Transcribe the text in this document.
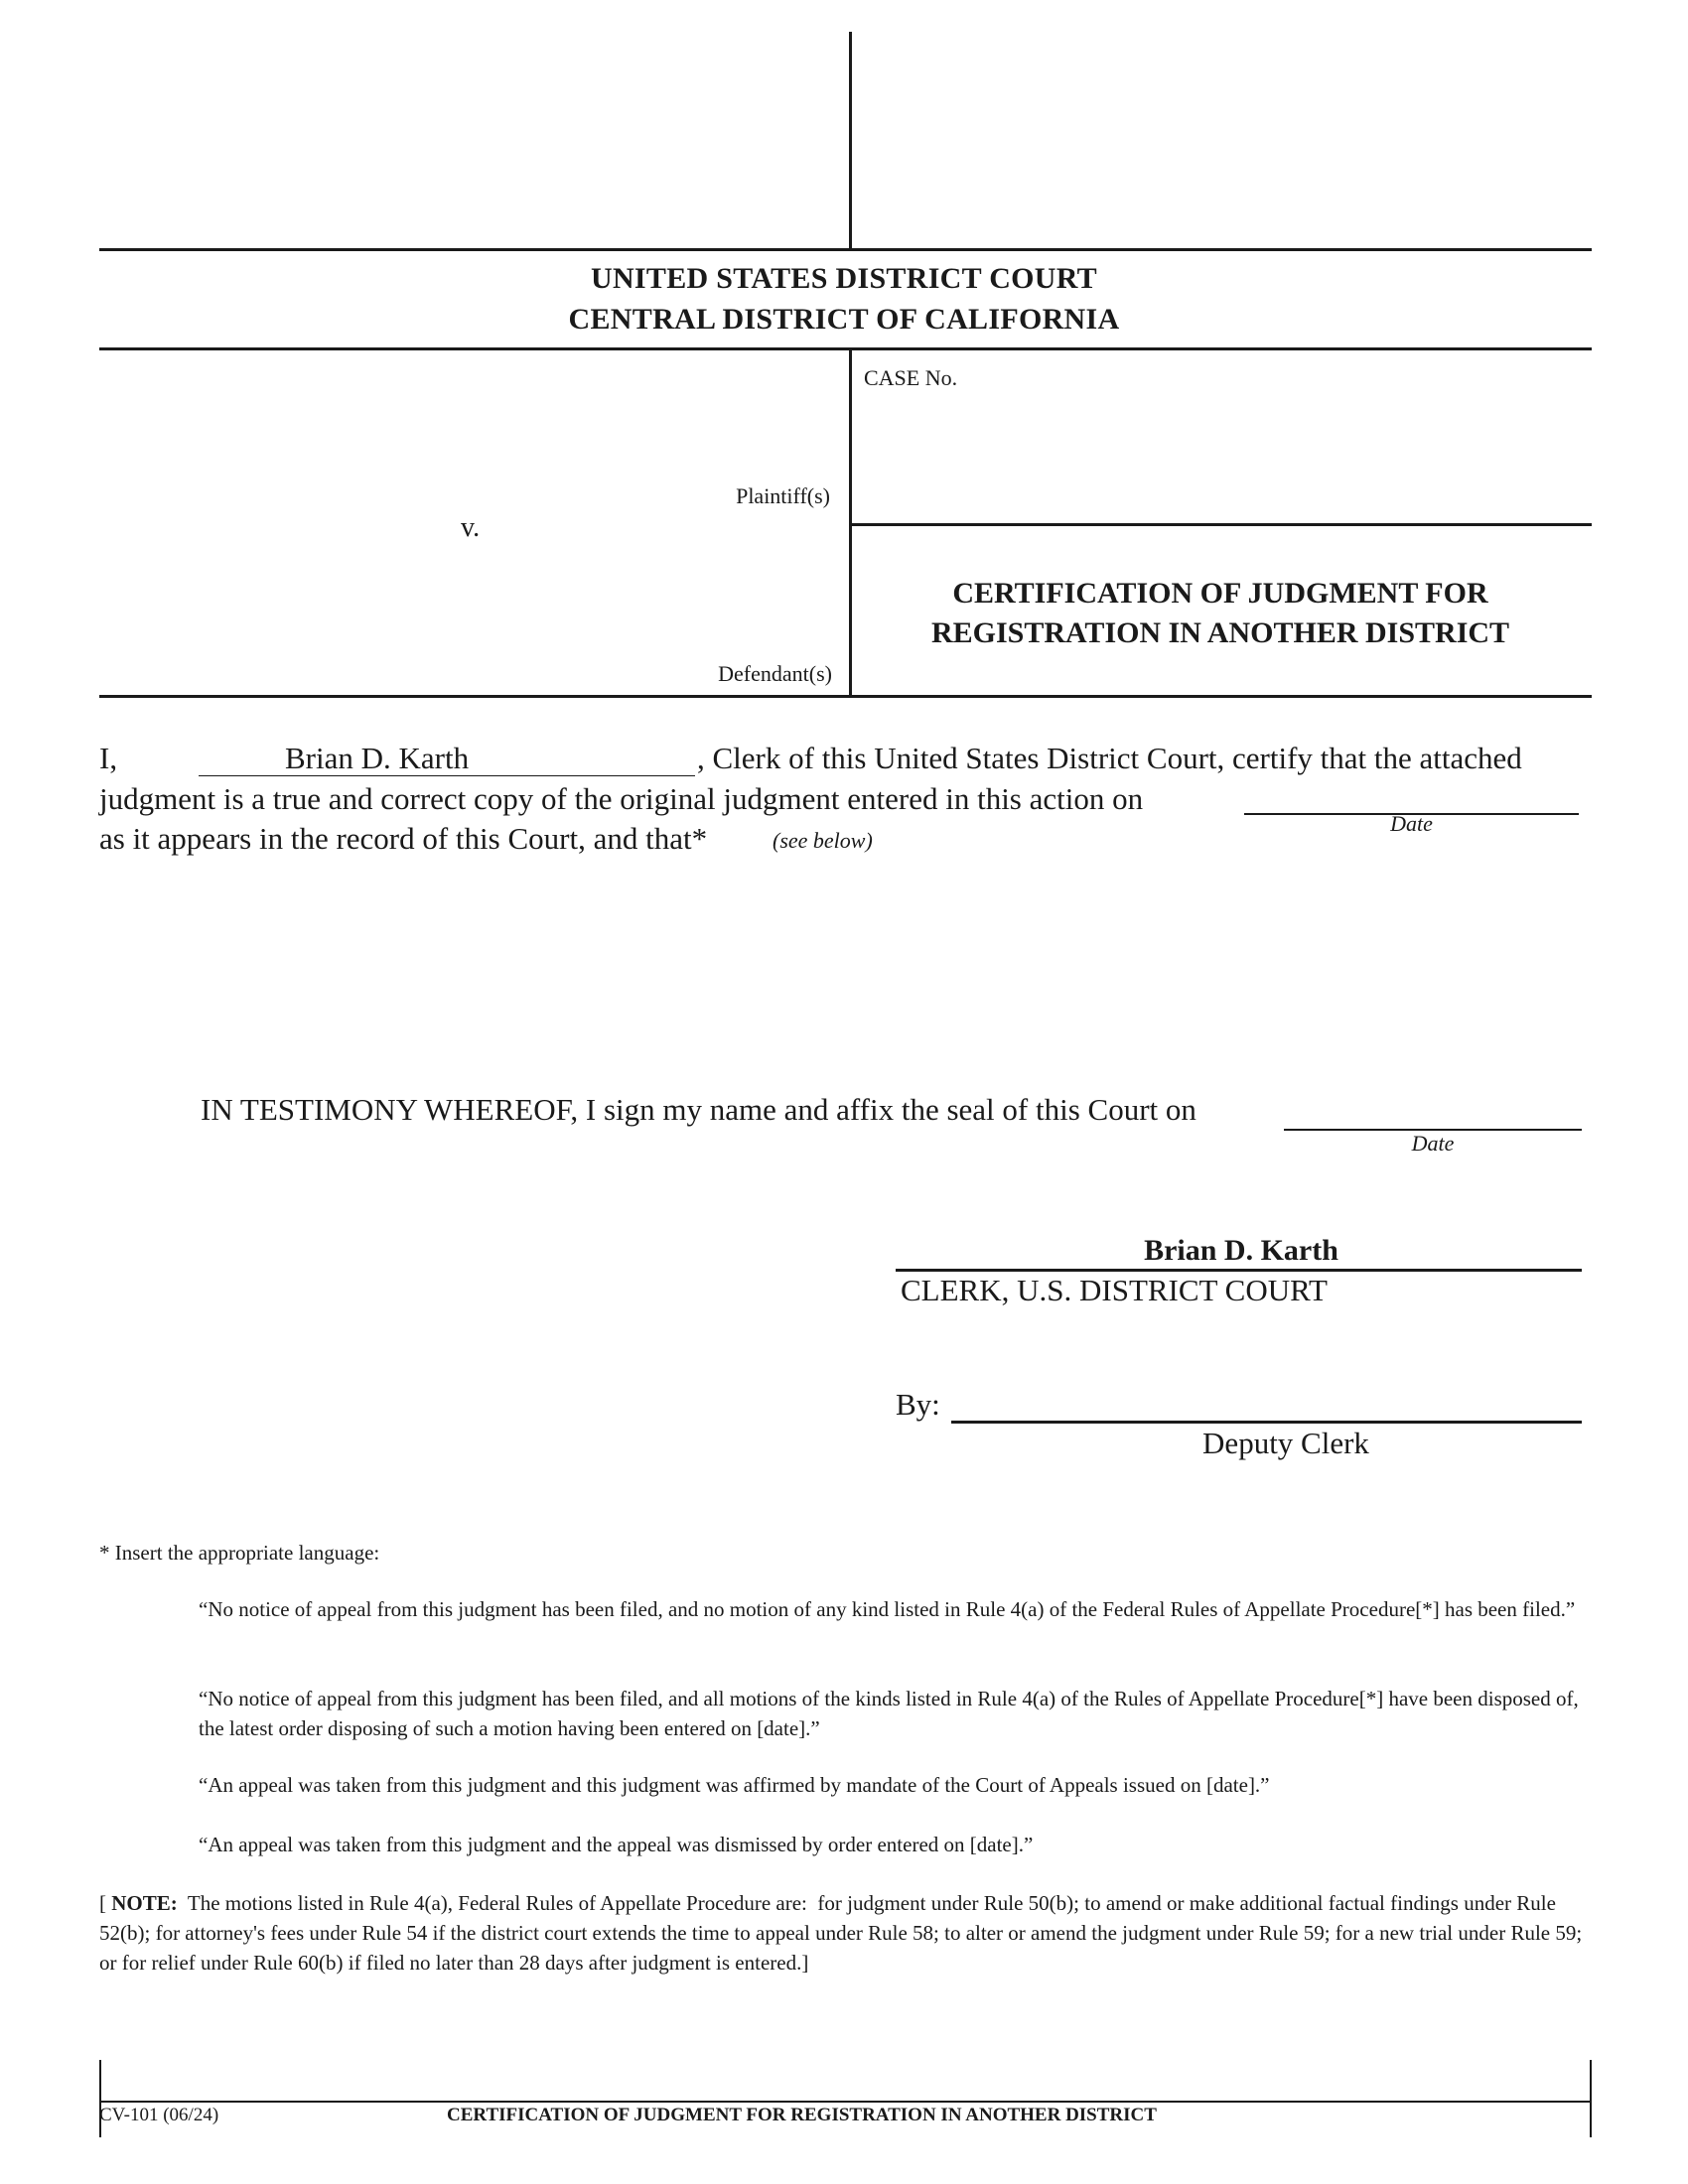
UNITED STATES DISTRICT COURT
CENTRAL DISTRICT OF CALIFORNIA
CASE No.
Plaintiff(s)
v.
Defendant(s)
CERTIFICATION OF JUDGMENT FOR
REGISTRATION IN ANOTHER DISTRICT
I,	Brian D. Karth	, Clerk of this United States District Court, certify that the attached
judgment is a true and correct copy of the original judgment entered in this action on
Date
as it appears in the record of this Court, and that*	(see below)
IN TESTIMONY WHEREOF, I sign my name and affix the seal of this Court on
Date
Brian D. Karth
CLERK, U.S. DISTRICT COURT
By:
Deputy Clerk
* Insert the appropriate language:
“No notice of appeal from this judgment has been filed, and no motion of any kind listed in Rule 4(a) of the Federal Rules of Appellate Procedure[*] has been filed.”
“No notice of appeal from this judgment has been filed, and all motions of the kinds listed in Rule 4(a) of the Rules of Appellate Procedure[*] have been disposed of, the latest order disposing of such a motion having been entered on [date].”
“An appeal was taken from this judgment and this judgment was affirmed by mandate of the Court of Appeals issued on [date].”
“An appeal was taken from this judgment and the appeal was dismissed by order entered on [date].”
[ NOTE:  The motions listed in Rule 4(a), Federal Rules of Appellate Procedure are:  for judgment under Rule 50(b); to amend or make additional factual findings under Rule 52(b); for attorney's fees under Rule 54 if the district court extends the time to appeal under Rule 58; to alter or amend the judgment under Rule 59; for a new trial under Rule 59; or for relief under Rule 60(b) if filed no later than 28 days after judgment is entered.]
CV-101 (06/24)	CERTIFICATION OF JUDGMENT FOR REGISTRATION IN ANOTHER DISTRICT
